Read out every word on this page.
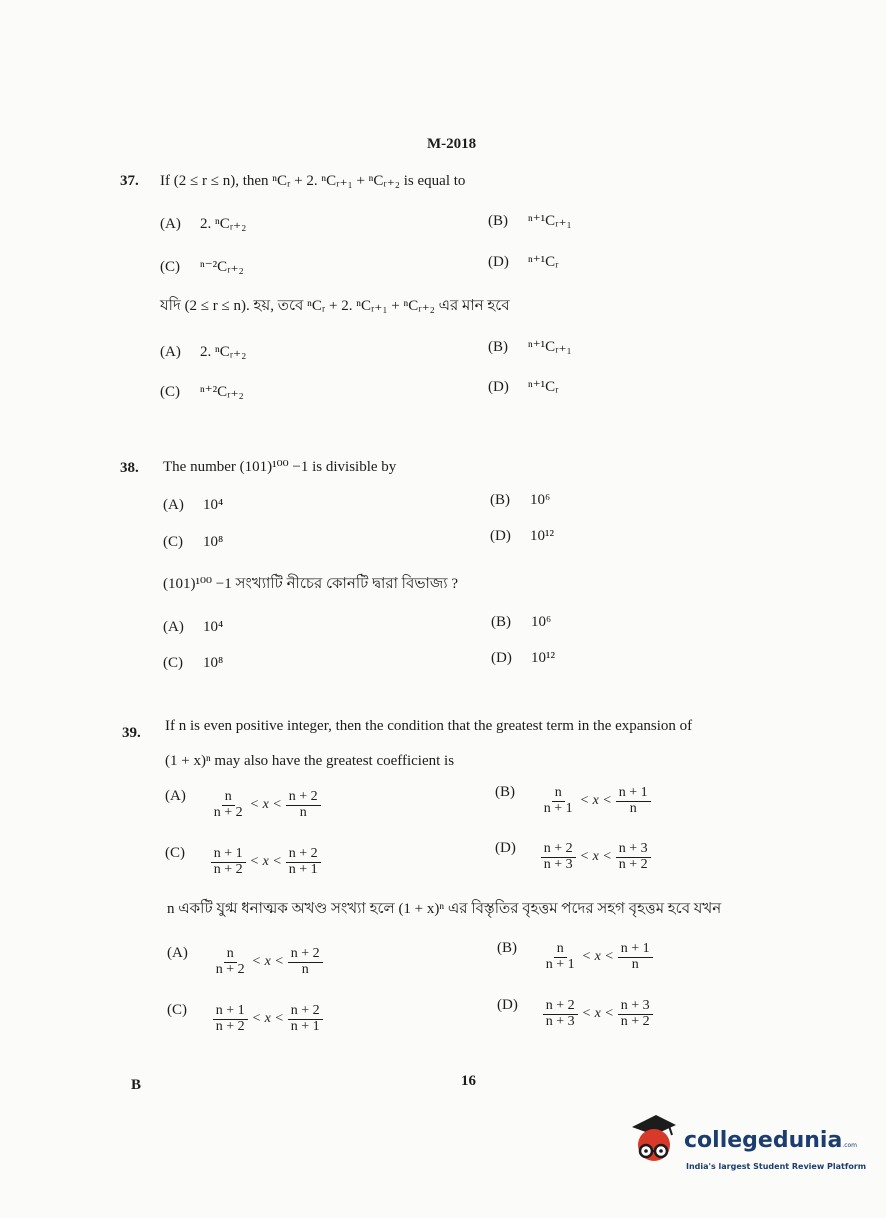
M-2018
37. If (2 ≤ r ≤ n), then ⁿCᵣ + 2. ⁿCᵣ₊₁ + ⁿCᵣ₊₂ is equal to
(A) 2. ⁿCᵣ₊₂	(B) ⁿ⁺¹Cᵣ₊₁
(C) ⁿ⁻²Cᵣ₊₂	(D) ⁿ⁺¹Cᵣ
যদি (2 ≤ r ≤ n). হয়, তবে ⁿCᵣ + 2. ⁿCᵣ₊₁ + ⁿCᵣ₊₂ এর মান হবে
(A) 2. ⁿCᵣ₊₂	(B) ⁿ⁺¹Cᵣ₊₁
(C) ⁿ⁺²Cᵣ₊₂	(D) ⁿ⁺¹Cᵣ
38. The number (101)¹⁰⁰ −1 is divisible by
(A) 10⁴	(B) 10⁶
(C) 10⁸	(D) 10¹²
(101)¹⁰⁰ −1 সংখ্যাটি নীচের কোনটি দ্বারা বিভাজ্য ?
(A) 10⁴	(B) 10⁶
(C) 10⁸	(D) 10¹²
39. If n is even positive integer, then the condition that the greatest term in the expansion of
(1 + x)ⁿ may also have the greatest coefficient is
$(A) \frac{n}{n + 2} < x < \frac{n + 2}{n}$	$(B) \frac{n}{n + 1} < x < \frac{n + 1}{n}$
$(C) \frac{n + 1}{n + 2} < x < \frac{n + 2}{n + 1}$	$(D) \frac{n + 2}{n + 3} < x < \frac{n + 3}{n + 2}$
n একটি যুগ্ম ধনাত্মক অখণ্ড সংখ্যা হলে (1 + x)ⁿ এর বিস্তৃতির বৃহত্তম পদের সহগ বৃহত্তম হবে যখন
$(A) \frac{n}{n + 2} < x < \frac{n + 2}{n}$	$(B) \frac{n}{n + 1} < x < \frac{n + 1}{n}$
$(C) \frac{n + 1}{n + 2} < x < \frac{n + 2}{n + 1}$	$(D) \frac{n + 2}{n + 3} < x < \frac{n + 3}{n + 2}$
B	16
collegedunia.com
India's largest Student Review Platform
